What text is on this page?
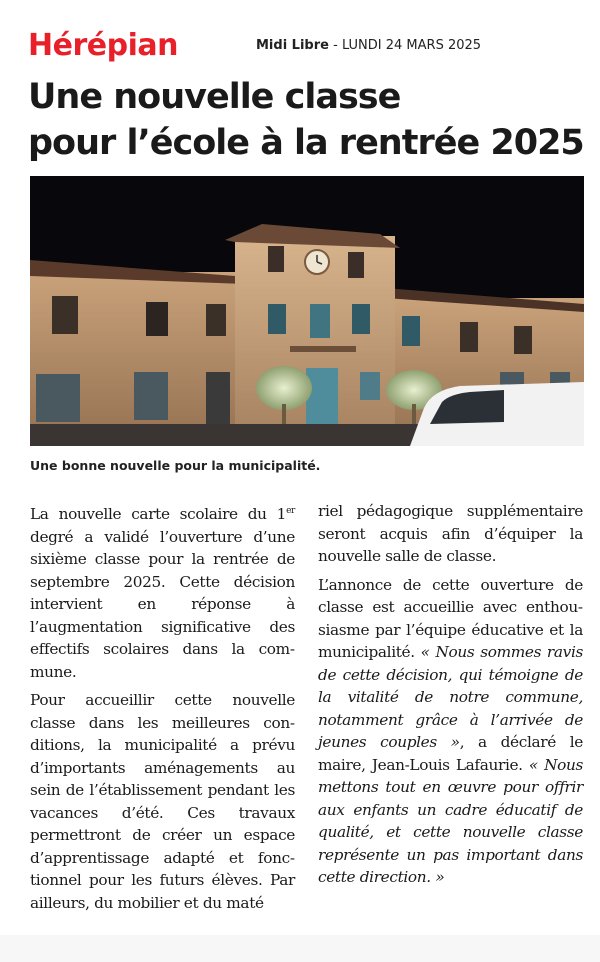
Hérépian	Midi Libre - LUNDI 24 MARS 2025
Une nouvelle classe
pour l’école à la rentrée 2025
Une bonne nouvelle pour la municipalité.

La nouvelle carte scolaire du 1er degré a validé l’ouverture d’une sixième classe pour la rentrée de septembre 2025. Cette décision intervient en réponse à l’augmentation significative des effectifs scolaires dans la commune.

Pour accueillir cette nouvelle classe dans les meilleures conditions, la municipalité a prévu d’importants aménagements au sein de l’établissement pendant les vacances d’été. Ces travaux permettront de créer un espace d’apprentissage adapté et fonctionnel pour les futurs élèves. Par ailleurs, du mobilier et du maté

riel pédagogique supplémentaire seront acquis afin d’équiper la nouvelle salle de classe.

L’annonce de cette ouverture de classe est accueillie avec enthousiasme par l’équipe éducative et la municipalité. « Nous sommes ravis de cette décision, qui témoigne de la vitalité de notre commune, notamment grâce à l’arrivée de jeunes couples », a déclaré le maire, Jean-Louis Lafaurie. « Nous mettons tout en œuvre pour offrir aux enfants un cadre éducatif de qualité, et cette nouvelle classe représente un pas important dans cette direction. »
